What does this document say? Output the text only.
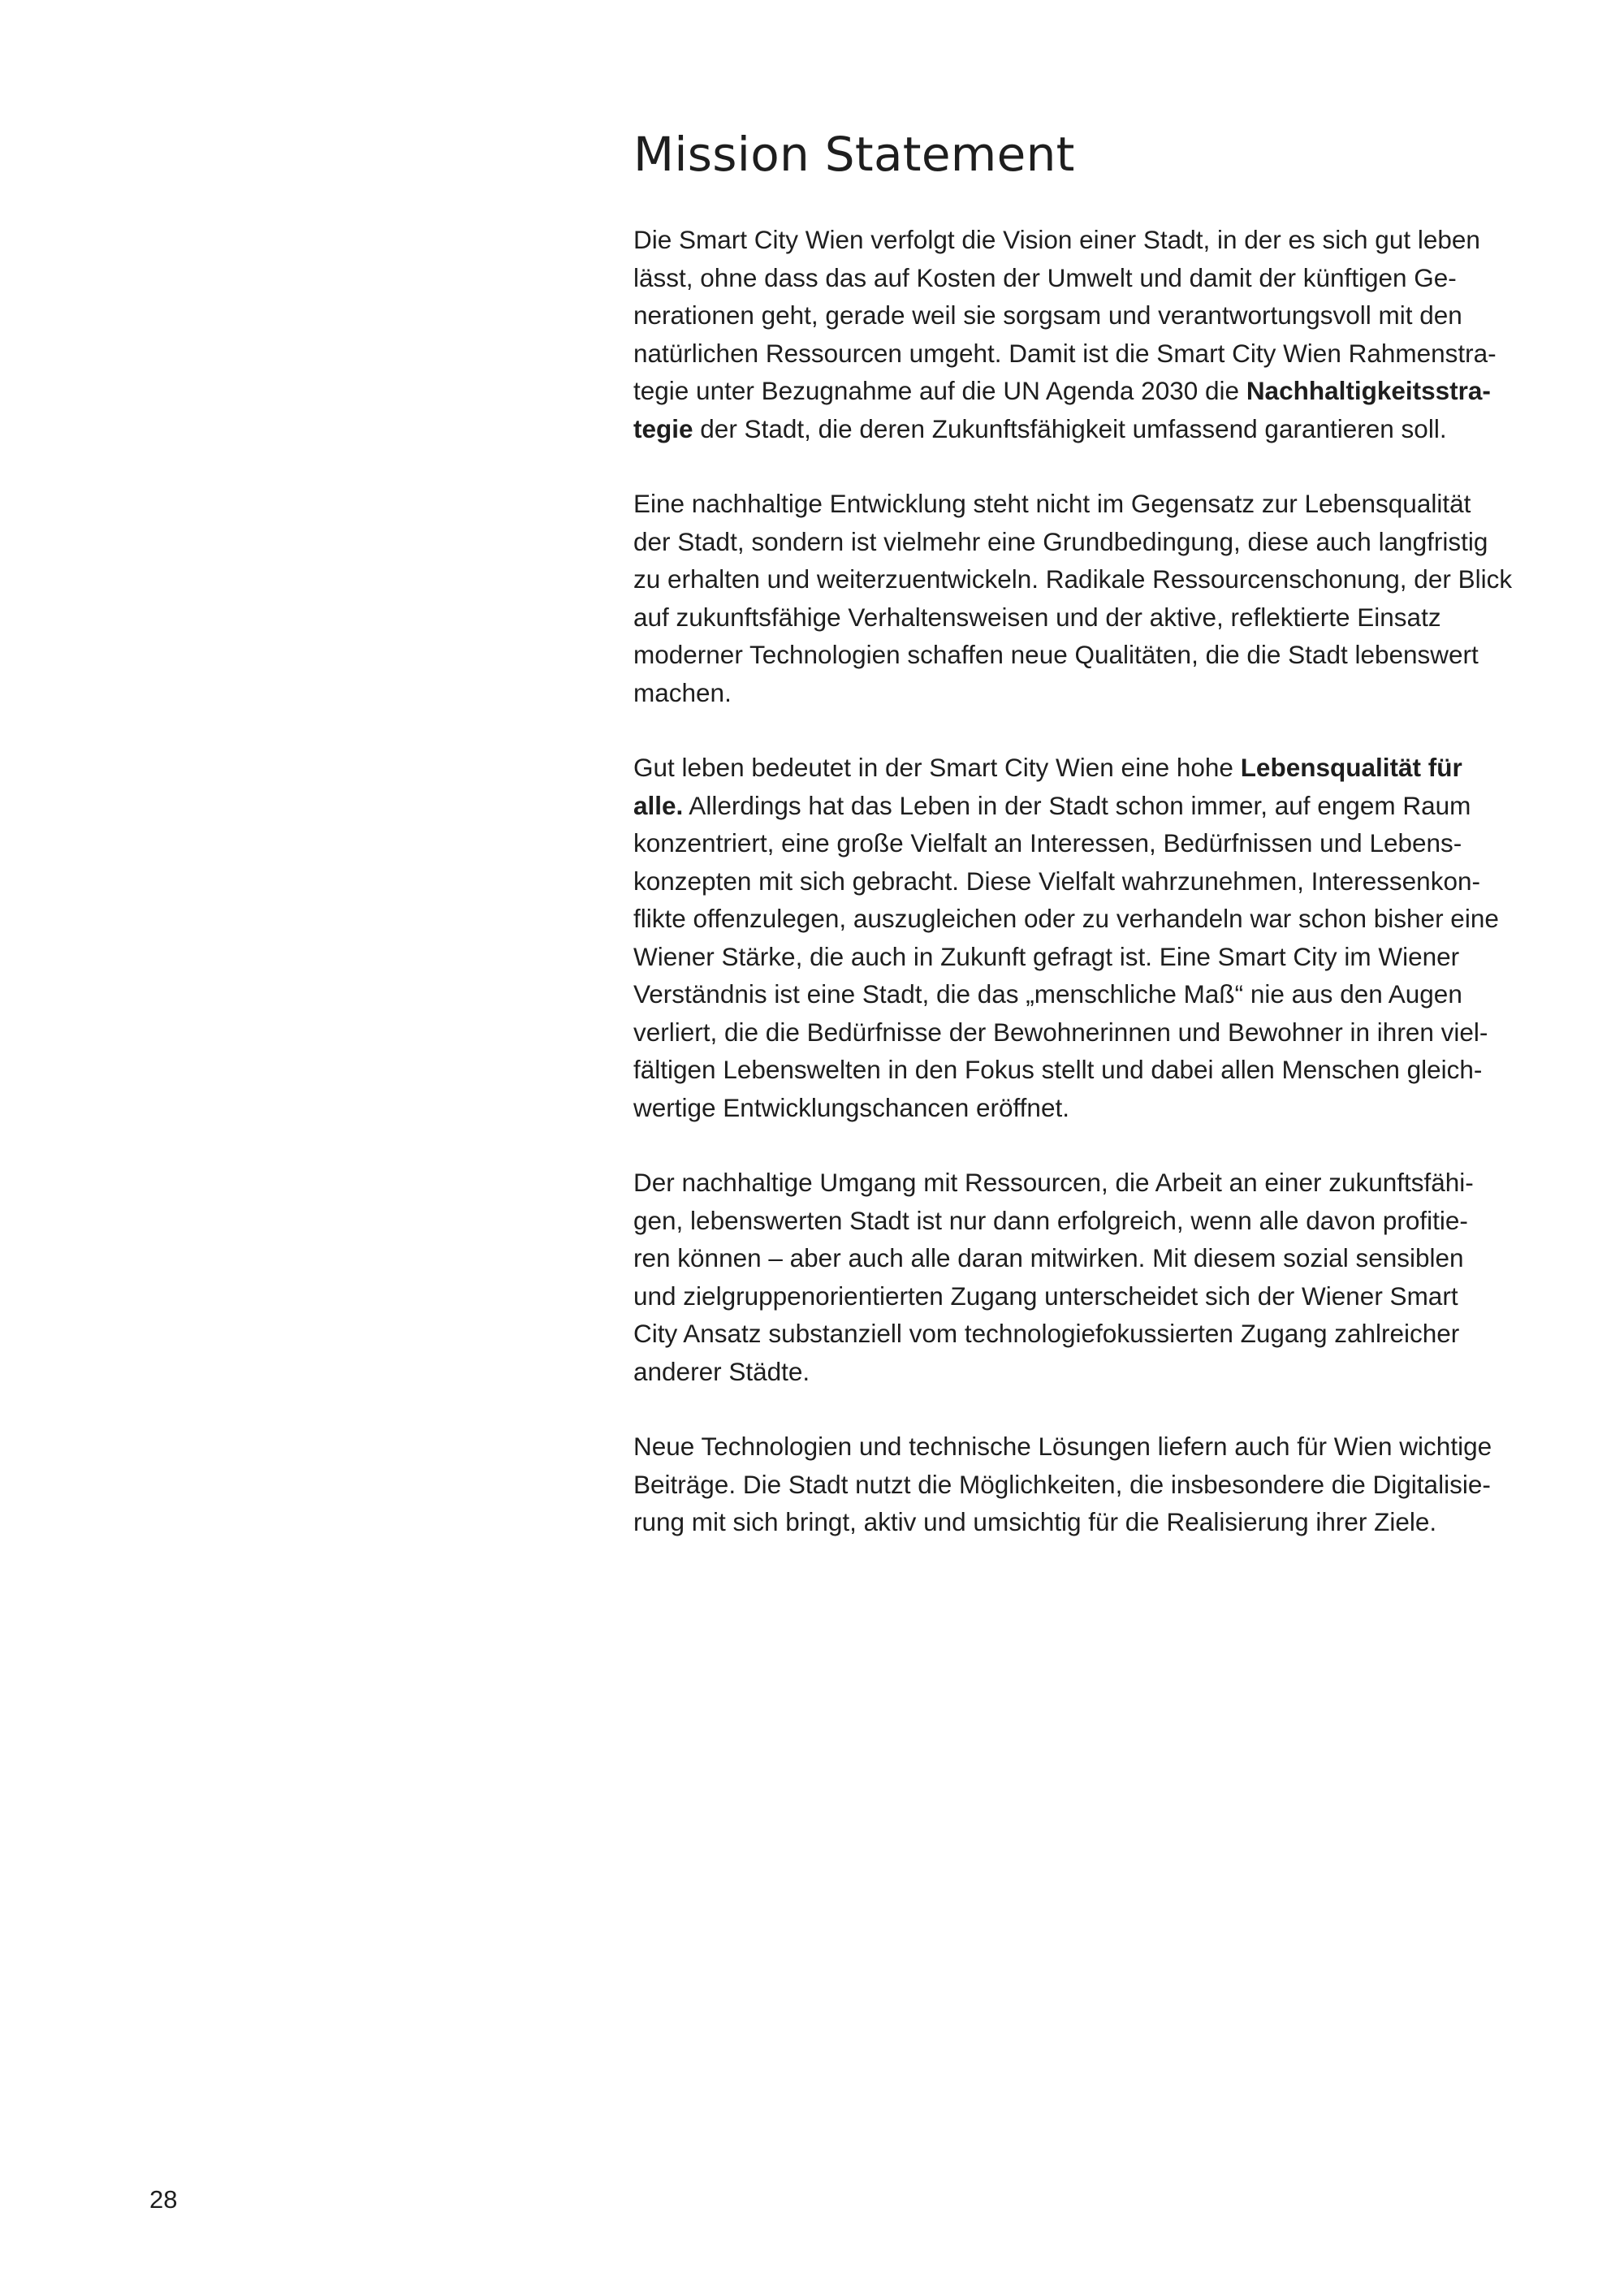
Mission Statement

Die Smart City Wien verfolgt die Vision einer Stadt, in der es sich gut leben
lässt, ohne dass das auf Kosten der Umwelt und damit der künftigen Ge-
nerationen geht, gerade weil sie sorgsam und verantwortungsvoll mit den
natürlichen Ressourcen umgeht. Damit ist die Smart City Wien Rahmenstra-
tegie unter Bezugnahme auf die UN Agenda 2030 die Nachhaltigkeitsstra-
tegie der Stadt, die deren Zukunftsfähigkeit umfassend garantieren soll.

Eine nachhaltige Entwicklung steht nicht im Gegensatz zur Lebensqualität
der Stadt, sondern ist vielmehr eine Grundbedingung, diese auch langfristig
zu erhalten und weiterzuentwickeln. Radikale Ressourcenschonung, der Blick
auf zukunftsfähige Verhaltensweisen und der aktive, reflektierte Einsatz
moderner Technologien schaffen neue Qualitäten, die die Stadt lebenswert
machen.

Gut leben bedeutet in der Smart City Wien eine hohe Lebensqualität für
alle. Allerdings hat das Leben in der Stadt schon immer, auf engem Raum
konzentriert, eine große Vielfalt an Interessen, Bedürfnissen und Lebens-
konzepten mit sich gebracht. Diese Vielfalt wahrzunehmen, Interessenkon-
flikte offenzulegen, auszugleichen oder zu verhandeln war schon bisher eine
Wiener Stärke, die auch in Zukunft gefragt ist. Eine Smart City im Wiener
Verständnis ist eine Stadt, die das „menschliche Maß“ nie aus den Augen
verliert, die die Bedürfnisse der Bewohnerinnen und Bewohner in ihren viel-
fältigen Lebenswelten in den Fokus stellt und dabei allen Menschen gleich-
wertige Entwicklungschancen eröffnet.

Der nachhaltige Umgang mit Ressourcen, die Arbeit an einer zukunftsfähi-
gen, lebenswerten Stadt ist nur dann erfolgreich, wenn alle davon profitie-
ren können – aber auch alle daran mitwirken. Mit diesem sozial sensiblen
und zielgruppenorientierten Zugang unterscheidet sich der Wiener Smart
City Ansatz substanziell vom technologiefokussierten Zugang zahlreicher
anderer Städte.

Neue Technologien und technische Lösungen liefern auch für Wien wichtige
Beiträge. Die Stadt nutzt die Möglichkeiten, die insbesondere die Digitalisie-
rung mit sich bringt, aktiv und umsichtig für die Realisierung ihrer Ziele.

28
